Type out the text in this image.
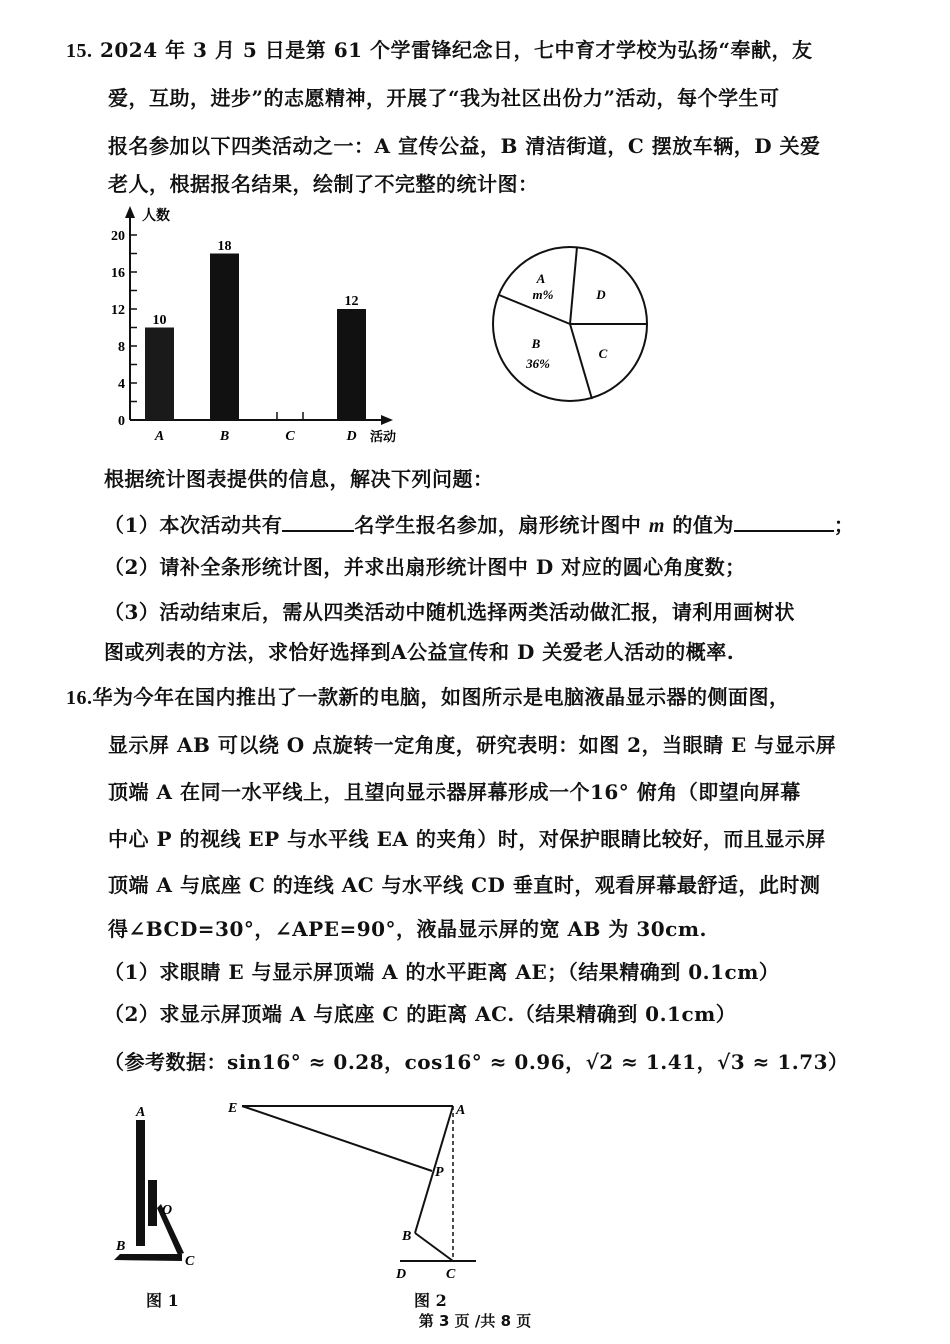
15. 2024 年 3 月 5 日是第 61 个学雷锋纪念日，七中育才学校为弘扬“奉献，友
爱，互助，进步”的志愿精神，开展了“我为社区出份力”活动，每个学生可
报名参加以下四类活动之一：A 宣传公益，B 清洁街道，C 摆放车辆，D 关爱
老人，根据报名结果，绘制了不完整的统计图：
人数
活动
0
4
8
12
16
20
10
18
12
A	B	C	D
A
m%	D
B
36%
C
根据统计图表提供的信息，解决下列问题：
（1）本次活动共有	名学生报名参加，扇形统计图中 m 的值为	；
（2）请补全条形统计图，并求出扇形统计图中 D 对应的圆心角度数；
（3）活动结束后，需从四类活动中随机选择两类活动做汇报，请利用画树状
图或列表的方法，求恰好选择到A公益宣传和 D 关爱老人活动的概率.
16.华为今年在国内推出了一款新的电脑，如图所示是电脑液晶显示器的侧面图，
显示屏 AB 可以绕 O 点旋转一定角度，研究表明：如图 2，当眼睛 E 与显示屏
顶端 A 在同一水平线上，且望向显示器屏幕形成一个16° 俯角（即望向屏幕
中心 P 的视线 EP 与水平线 EA 的夹角）时，对保护眼睛比较好，而且显示屏
顶端 A 与底座 C 的连线 AC 与水平线 CD 垂直时，观看屏幕最舒适，此时测
得∠BCD=30°，∠APE=90°，液晶显示屏的宽 AB 为 30cm.
（1）求眼睛 E 与显示屏顶端 A 的水平距离 AE；（结果精确到 0.1cm）
（2）求显示屏顶端 A 与底座 C 的距离 AC.（结果精确到 0.1cm）
（参考数据：sin16° ≈ 0.28，cos16° ≈ 0.96，√2 ≈ 1.41，√3 ≈ 1.73）
A
B
C
O
图 1
E	A
P
B
D	C
图 2
第 3 页 /共 8 页
